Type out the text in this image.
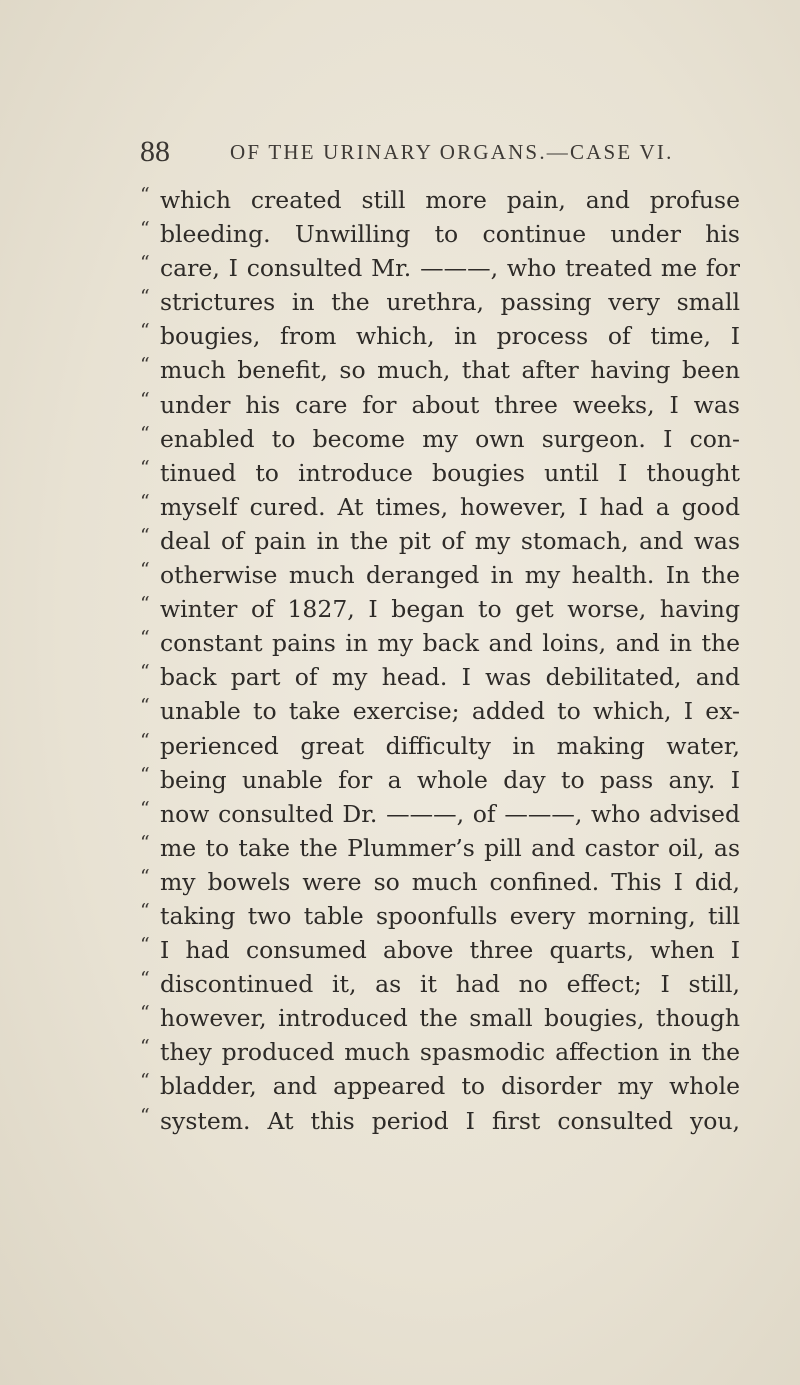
88	OF THE URINARY ORGANS.—CASE VI.
“ which created still more pain, and profuse
“ bleeding. Unwilling to continue under his
“ care, I consulted Mr. ———, who treated me for
“ strictures in the urethra, passing very small
“ bougies, from which, in process of time, I
“ much benefit, so much, that after having been
“ under his care for about three weeks, I was
“ enabled to become my own surgeon. I con-
“ tinued to introduce bougies until I thought
“ myself cured. At times, however, I had a good
“ deal of pain in the pit of my stomach, and was
“ otherwise much deranged in my health. In the
“ winter of 1827, I began to get worse, having
“ constant pains in my back and loins, and in the
“ back part of my head. I was debilitated, and
“ unable to take exercise; added to which, I ex-
“ perienced great difficulty in making water,
“ being unable for a whole day to pass any. I
“ now consulted Dr. ———, of ———, who advised
“ me to take the Plummer’s pill and castor oil, as
“ my bowels were so much confined. This I did,
“ taking two table spoonfulls every morning, till
“ I had consumed above three quarts, when I
“ discontinued it, as it had no effect; I still,
“ however, introduced the small bougies, though
“ they produced much spasmodic affection in the
“ bladder, and appeared to disorder my whole
“ system. At this period I first consulted you,
